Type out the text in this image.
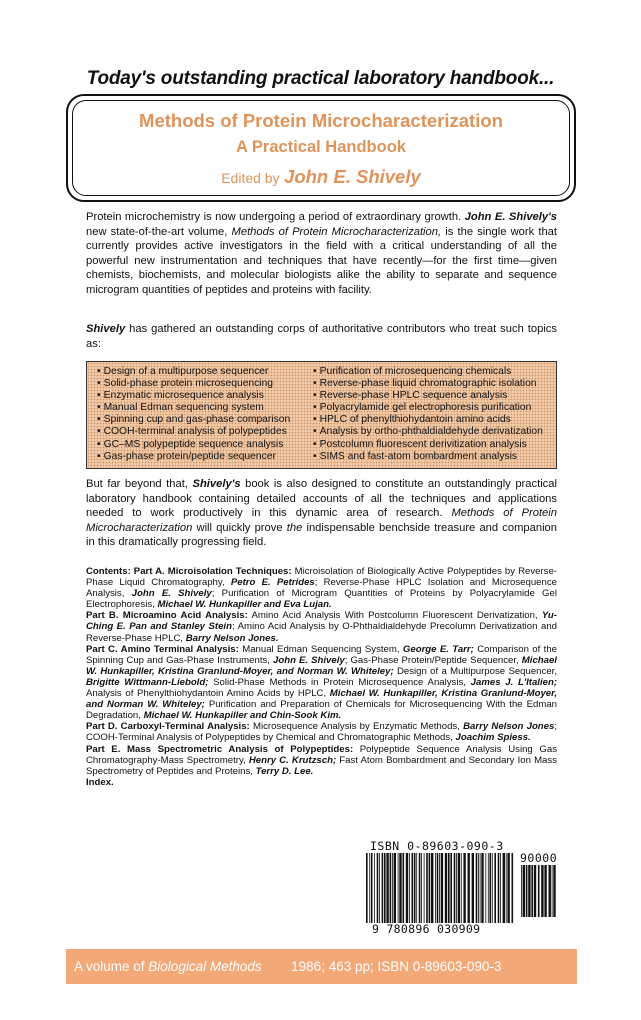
Today's outstanding practical laboratory handbook...
Methods of Protein Microcharacterization
A Practical Handbook
Edited by John E. Shively
Protein microchemistry is now undergoing a period of extraordinary growth. John E. Shively's new state-of-the-art volume, Methods of Protein Microcharacterization, is the single work that currently provides active investigators in the field with a critical understanding of all the powerful new instrumentation and techniques that have recently—for the first time—given chemists, biochemists, and molecular biologists alike the ability to separate and sequence microgram quantities of peptides and proteins with facility.
Shively has gathered an outstanding corps of authoritative contributors who treat such topics as:
• Design of a multipurpose sequencer
• Solid-phase protein microsequencing
• Enzymatic microsequence analysis
• Manual Edman sequencing system
• Spinning cup and gas-phase comparison
• COOH-terminal analysis of polypeptides
• GC–MS polypeptide sequence analysis
• Gas-phase protein/peptide sequencer
• Purification of microsequencing chemicals
• Reverse-phase liquid chromatographic isolation
• Reverse-phase HPLC sequence analysis
• Polyacrylamide gel electrophoresis purification
• HPLC of phenylthiohydantoin amino acids
• Analysis by ortho-phthaldialdehyde derivatization
• Postcolumn fluorescent derivitization analysis
• SIMS and fast-atom bombardment analysis
But far beyond that, Shively's book is also designed to constitute an outstandingly practical laboratory handbook containing detailed accounts of all the techniques and applications needed to work productively in this dynamic area of research. Methods of Protein Microcharacterization will quickly prove the indispensable benchside treasure and companion in this dramatically progressing field.

Contents: Part A. Microisolation Techniques: Microisolation of Biologically Active Polypeptides by Reverse-Phase Liquid Chromatography, Petro E. Petrides; Reverse-Phase HPLC Isolation and Microsequence Analysis, John E. Shively; Purification of Microgram Quantities of Proteins by Polyacrylamide Gel Electrophoresis, Michael W. Hunkapiller and Eva Lujan.

Part B. Microamino Acid Analysis: Amino Acid Analysis With Postcolumn Fluorescent Derivatization, Yu-Ching E. Pan and Stanley Stein; Amino Acid Analysis by O-Phthaldialdehyde Precolumn Derivatization and Reverse-Phase HPLC, Barry Nelson Jones.

Part C. Amino Terminal Analysis: Manual Edman Sequencing System, George E. Tarr; Comparison of the Spinning Cup and Gas-Phase Instruments, John E. Shively; Gas-Phase Protein/Peptide Sequencer, Michael W. Hunkapiller, Kristina Granlund-Moyer, and Norman W. Whiteley; Design of a Multipurpose Sequencer, Brigitte Wittmann-Liebold; Solid-Phase Methods in Protein Microsequence Analysis, James J. L'Italien; Analysis of Phenylthiohydantoin Amino Acids by HPLC, Michael W. Hunkapiller, Kristina Granlund-Moyer, and Norman W. Whiteley; Purification and Preparation of Chemicals for Microsequencing With the Edman Degradation, Michael W. Hunkapiller and Chin-Sook Kim.

Part D. Carboxyl-Terminal Analysis: Microsequence Analysis by Enzymatic Methods, Barry Nelson Jones; COOH-Terminal Analysis of Polypeptides by Chemical and Chromatographic Methods, Joachim Spiess.

Part E. Mass Spectrometric Analysis of Polypeptides: Polypeptide Sequence Analysis Using Gas Chromatography-Mass Spectrometry, Henry C. Krutzsch; Fast Atom Bombardment and Secondary Ion Mass Spectrometry of Peptides and Proteins, Terry D. Lee.

Index.

ISBN 0-89603-090-3
9 780896 030909
90000
A volume of Biological Methods 1986; 463 pp; ISBN 0-89603-090-3
